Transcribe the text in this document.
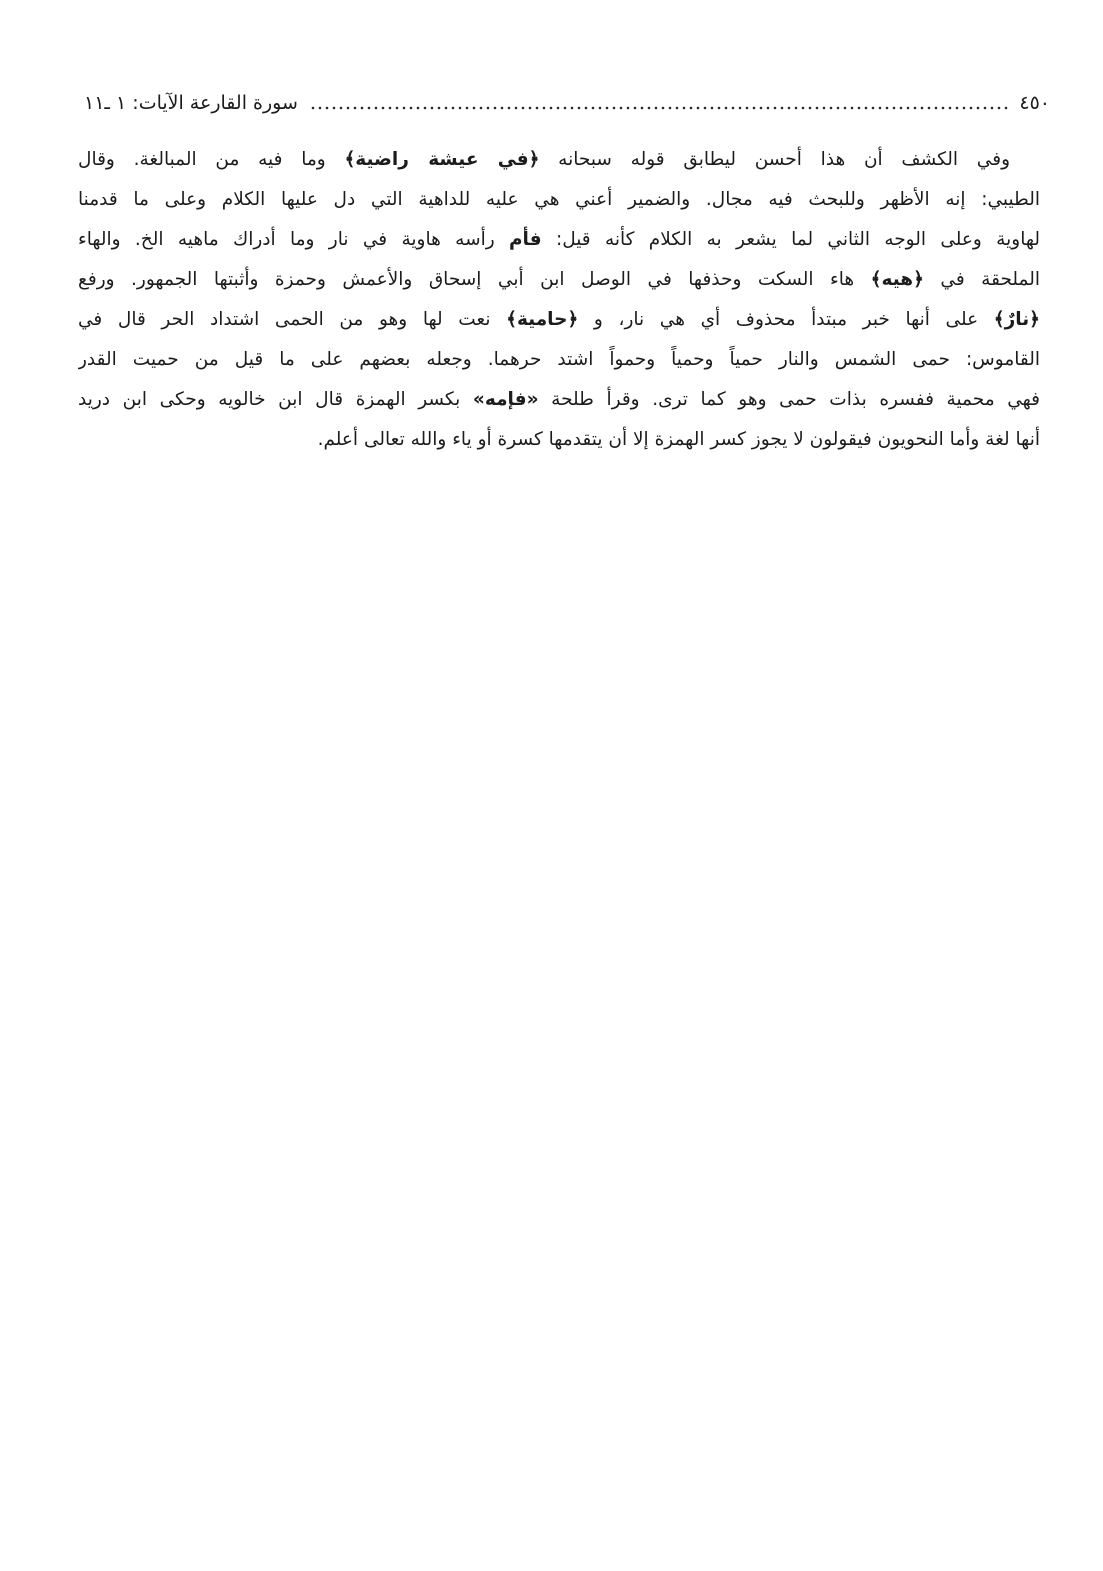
٤٥٠
سورة القارعة الآيات: ١ ـ١١
وفي الكشف أن هذا أحسن ليطابق قوله سبحانه ﴿في عيشة راضية﴾ وما فيه من المبالغة. وقال
الطيبي: إنه الأظهر وللبحث فيه مجال. والضمير أعني هي عليه للداهية التي دل عليها الكلام وعلى ما قدمنا
لهاوية وعلى الوجه الثاني لما يشعر به الكلام كأنه قيل: فأم رأسه هاوية في نار وما أدراك ماهيه الخ. والهاء
الملحقة في ﴿هيه﴾ هاء السكت وحذفها في الوصل ابن أبي إسحاق والأعمش وحمزة وأثبتها الجمهور. ورفع
﴿نارٌ﴾ على أنها خبر مبتدأ محذوف أي هي نار، و ﴿حامية﴾ نعت لها وهو من الحمى اشتداد الحر قال في
القاموس: حمى الشمس والنار حمياً وحمياً وحمواً اشتد حرهما. وجعله بعضهم على ما قيل من حميت القدر
فهي محمية ففسره بذات حمى وهو كما ترى. وقرأ طلحة «فإمه» بكسر الهمزة قال ابن خالويه وحكى ابن دريد
أنها لغة وأما النحويون فيقولون لا يجوز كسر الهمزة إلا أن يتقدمها كسرة أو ياء والله تعالى أعلم.
